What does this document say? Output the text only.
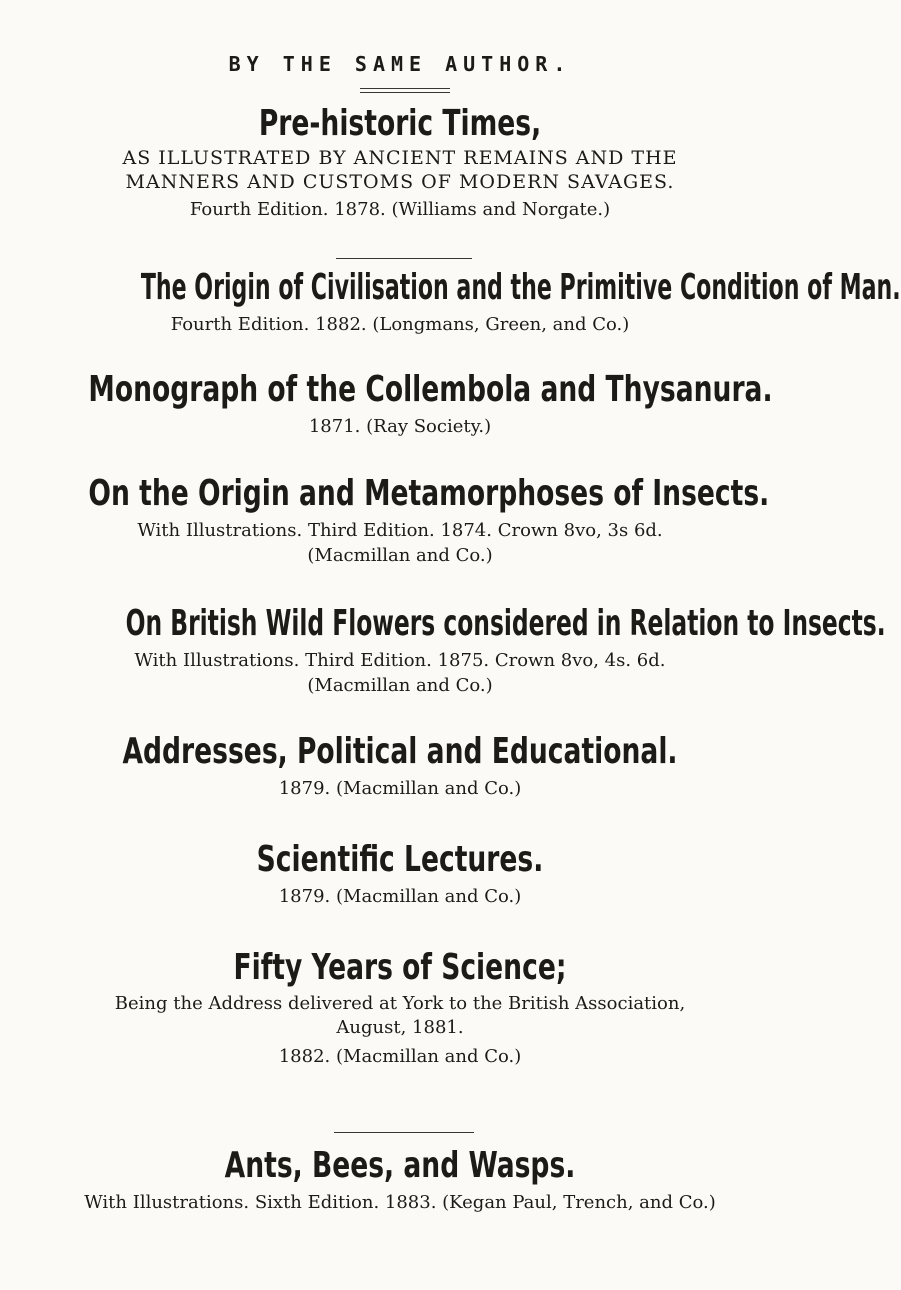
BY THE SAME AUTHOR.
Pre-historic Times,
AS ILLUSTRATED BY ANCIENT REMAINS AND THE
MANNERS AND CUSTOMS OF MODERN SAVAGES.
Fourth Edition. 1878. (Williams and Norgate.)
The Origin of Civilisation and the Primitive Condition of Man.
Fourth Edition. 1882. (Longmans, Green, and Co.)
Monograph of the Collembola and Thysanura.
1871. (Ray Society.)
On the Origin and Metamorphoses of Insects.
With Illustrations. Third Edition. 1874. Crown 8vo, 3s 6d.
(Macmillan and Co.)
On British Wild Flowers considered in Relation to Insects.
With Illustrations. Third Edition. 1875. Crown 8vo, 4s. 6d.
(Macmillan and Co.)
Addresses, Political and Educational.
1879. (Macmillan and Co.)
Scientific Lectures.
1879. (Macmillan and Co.)
Fifty Years of Science;
Being the Address delivered at York to the British Association,
August, 1881.
1882. (Macmillan and Co.)
Ants, Bees, and Wasps.
With Illustrations. Sixth Edition. 1883. (Kegan Paul, Trench, and Co.)
